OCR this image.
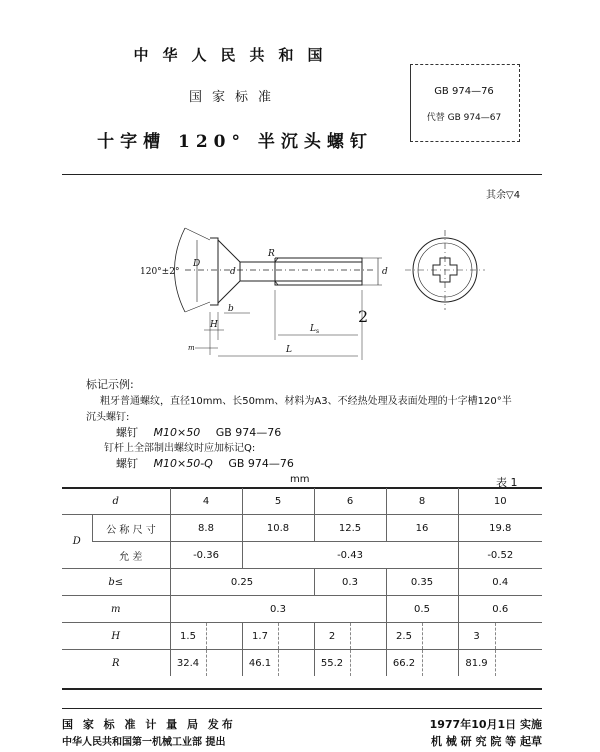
中华人民共和国
国家标准
十字槽 120° 半沉头螺钉
GB 974—76
代替 GB 974—67
其余▽4
120°±2°
D
R
d	d
b
H
m
L s
L
2
标记示例:
粗牙普通螺纹，直径10mm、长50mm、材料为A3、不经热处理及表面处理的十字槽120°半
沉头螺钉:
螺钉 M10×50 GB 974—76
钉杆上全部制出螺纹时应加标记Q:
螺钉 M10×50-Q GB 974—76
mm	表 1
d		4		5		6		8		10	
D	公 称 尺 寸	8.8		10.8		12.5		16		19.8	
	允 差	-0.36		-0.43						-0.52	
b≤		0.25				0.3		0.35		0.4	
m		0.3						0.5		0.6	
H		1.5		1.7		2		2.5		3	
R		32.4		46.1		55.2		66.2		81.9	
国 家 标 准 计 量 局 发布	1977年10月1日 实施
中华人民共和国第一机械工业部 提出	机 械 研 究 院 等 起草
